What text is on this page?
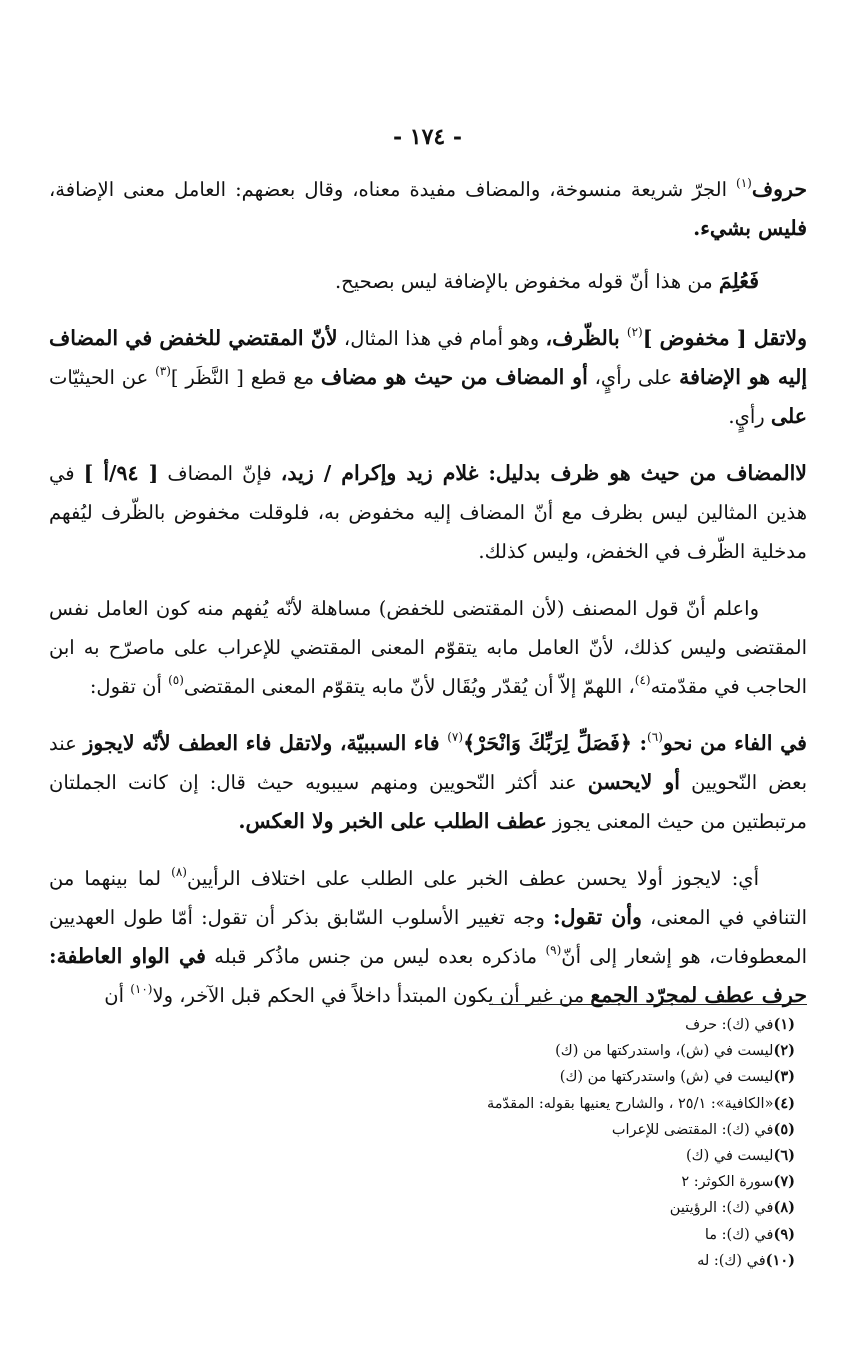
- ١٧٤ -

حروف$^{(١)}$ الجرّ شريعة منسوخة، والمضاف مفيدة معناه، وقال بعضهم: العامل معنى الإضافة، فليس بشيء.

فَعُلِمَ من هذا أنّ قوله مخفوض بالإضافة ليس بصحيح.

ولاتقل [ مخفوض ]$^{(٢)}$ بالظّرف، وهو أمام في هذا المثال، لأنّ المقتضي للخفض في المضاف إليه هو الإضافة على رأيٍ، أو المضاف من حيث هو مضاف مع قطع [ النَّظَر ]$^{(٣)}$ عن الحيثيّات على رأيٍ.

لاالمضاف من حيث هو ظرف بدليل: غلام زيد وإكرام / زيد، فإنّ المضاف [ ٩٤/أ ] في هذين المثالين ليس بظرف مع أنّ المضاف إليه مخفوض به، فلوقلت مخفوض بالظّرف ليُفهم مدخلية الظّرف في الخفض، وليس كذلك.

واعلم أنّ قول المصنف (لأن المقتضى للخفض) مساهلة لأنّه يُفهم منه كون العامل نفس المقتضى وليس كذلك، لأنّ العامل مابه يتقوّم المعنى المقتضي للإعراب على ماصرّح به ابن الحاجب في مقدّمته$^{(٤)}$، اللهمّ إلاّ أن يُقدّر ويُقَال لأنّ مابه يتقوّم المعنى المقتضى$^{(٥)}$ أن تقول:

في الفاء من نحو$^{(٦)}$: ﴿فَصَلِّ لِرَبِّكَ وَانْحَرْ﴾$^{(٧)}$ فاء السببيّة، ولاتقل فاء العطف لأنّه لايجوز عند بعض النّحويين أو لايحسن عند أكثر النّحويين ومنهم سيبويه حيث قال: إن كانت الجملتان مرتبطتين من حيث المعنى يجوز عطف الطلب على الخبر ولا العكس.

أي: لايجوز أولا يحسن عطف الخبر على الطلب على اختلاف الرأيين$^{(٨)}$ لما بينهما من التنافي في المعنى، وأن تقول: وجه تغيير الأسلوب السّابق بذكر أن تقول: أمّا طول العهديين المعطوفات، هو إشعار إلى أنّ$^{(٩)}$ ماذكره بعده ليس من جنس ماذُكر قبله في الواو العاطفة: حرف عطف لمجرّد الجمع من غير أن يكون المبتدأ داخلاً في الحكم قبل الآخر، ولا$^{(١٠)}$ أن

(١)في (ك): حرف
(٢)ليست في (ش)، واستدركتها من (ك)
(٣)ليست في (ش) واستدركتها من (ك)
(٤)«الكافية»: ٢٥/١ ، والشارح يعنيها بقوله: المقدّمة
(٥)في (ك): المقتضى للإعراب
(٦)ليست في (ك)
(٧)سورة الكوثر: ٢
(٨)في (ك): الرؤيتين
(٩)في (ك): ما
(١٠)في (ك): له
